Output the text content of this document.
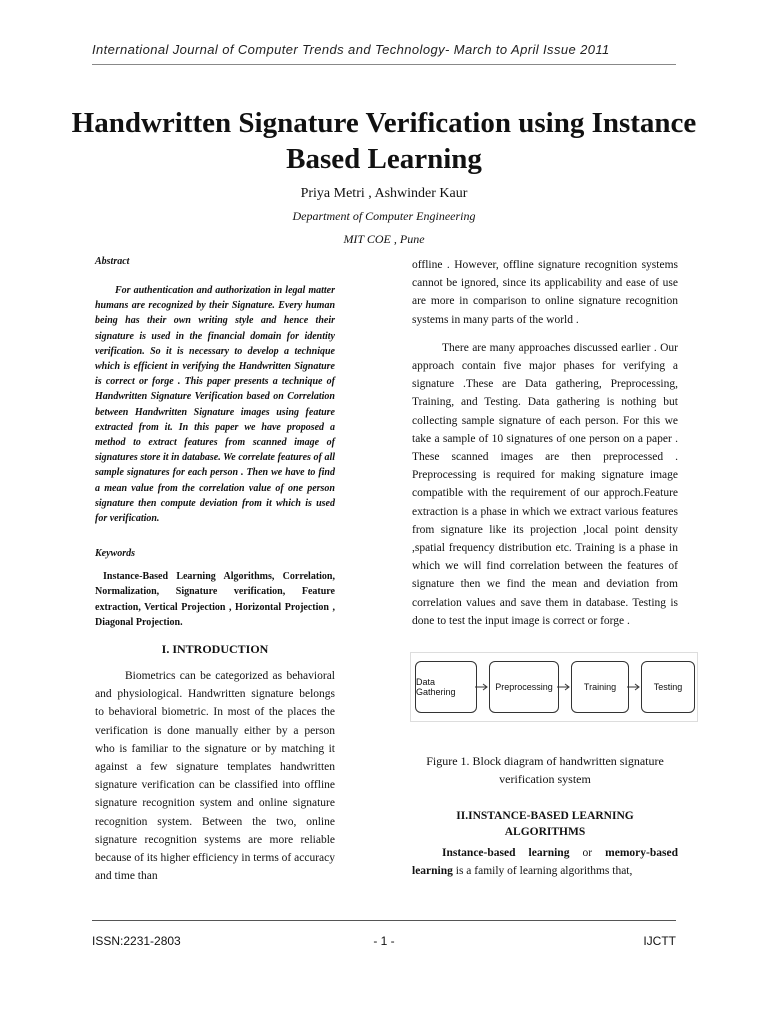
International Journal of Computer Trends and Technology- March to April Issue 2011
Handwritten Signature Verification using Instance Based Learning
Priya Metri , Ashwinder Kaur
Department of Computer Engineering
MIT COE , Pune

Abstract

For authentication and authorization in legal matter humans are recognized by their Signature. Every human being has their own writing style and hence their signature is used in the financial domain for identity verification. So it is necessary to develop a technique which is efficient in verifying the Handwritten Signature is correct or forge . This paper presents a technique of Handwritten Signature Verification based on Correlation between Handwritten Signature images using feature extracted from it. In this paper we have proposed a method to extract features from scanned image of signatures store it in database. We correlate features of all sample signatures for each person . Then we have to find a mean value from the correlation value of one person signature then compute deviation from it which is used for verification.

Keywords

Instance-Based Learning Algorithms, Correlation, Normalization, Signature verification, Feature extraction, Vertical Projection , Horizontal Projection , Diagonal Projection.

I. INTRODUCTION

Biometrics can be categorized as behavioral and physiological. Handwritten signature belongs to behavioral biometric. In most of the places the verification is done manually either by a person who is familiar to the signature or by matching it against a few signature templates handwritten signature verification can be classified into offline signature recognition system and online signature recognition system. Between the two, online signature recognition systems are more reliable because of its higher efficiency in terms of accuracy and time than

offline . However, offline signature recognition systems cannot be ignored, since its applicability and ease of use are more in comparison to online signature recognition systems in many parts of the world .

There are many approaches discussed earlier . Our approach contain five major phases for verifying a signature .These are Data gathering, Preprocessing, Training, and Testing. Data gathering is nothing but collecting sample signature of each person. For this we take a sample of 10 signatures of one person on a paper . These scanned images are then preprocessed . Preprocessing is required for making signature image compatible with the requirement of our approch.Feature extraction is a phase in which we extract various features from signature like its projection ,local point density ,spatial frequency distribution etc. Training is a phase in which we will find correlation between the features of signature then we find the mean and deviation from correlation values and save them in database. Testing is done to test the input image is correct or forge .

Data Gathering	Preprocessing	Training	Testing

Figure 1. Block diagram of handwritten signature verification system

II.INSTANCE-BASED LEARNING
ALGORITHMS

Instance-based learning or memory-based learning is a family of learning algorithms that,

ISSN:2231-2803	- 1 -	IJCTT
